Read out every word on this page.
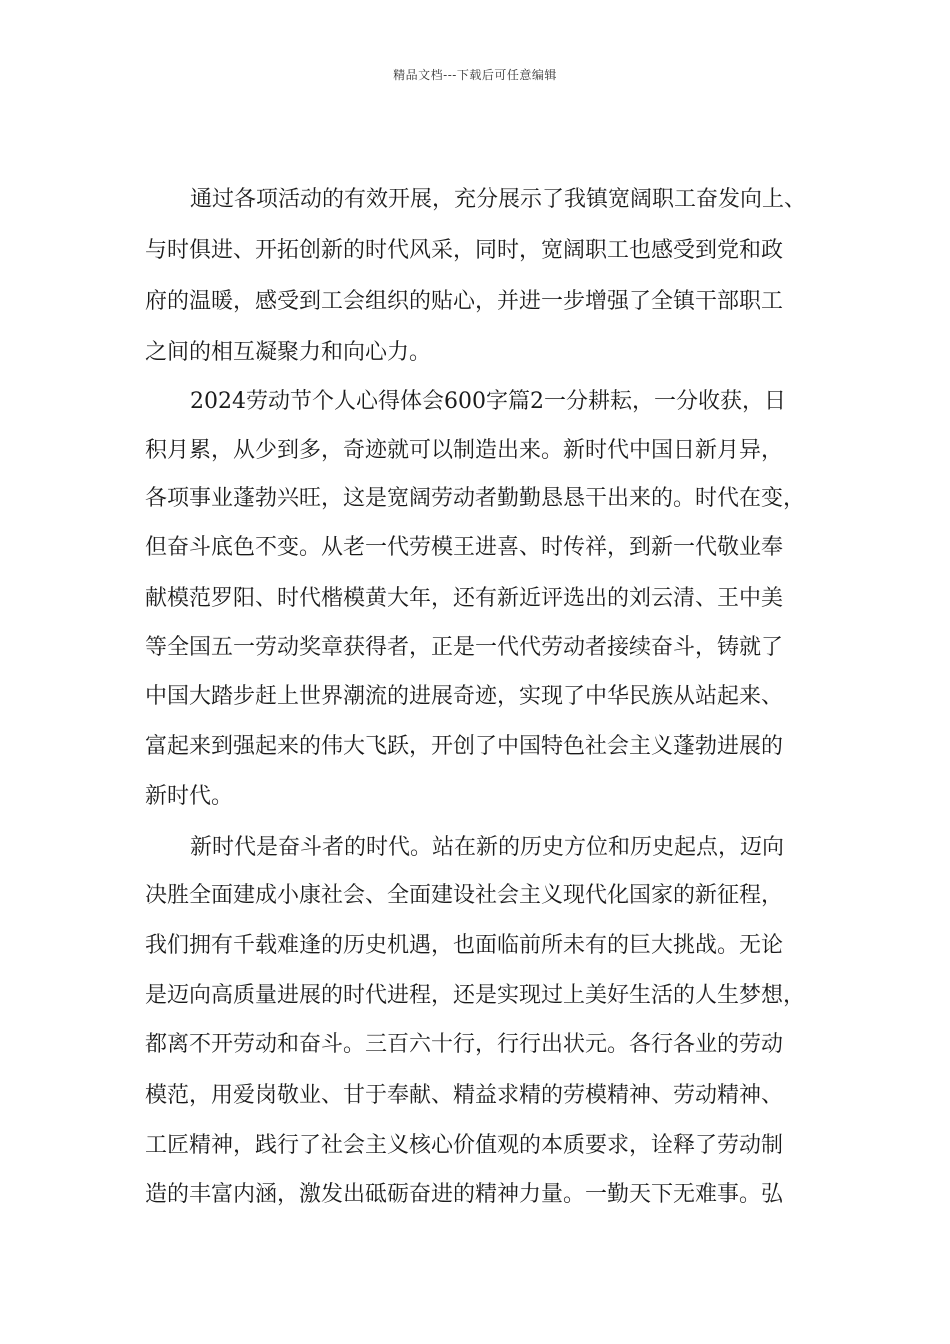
精品文档---下载后可任意编辑
通过各项活动的有效开展，充分展示了我镇宽阔职工奋发向上、
与时俱进、开拓创新的时代风采，同时，宽阔职工也感受到党和政
府的温暖，感受到工会组织的贴心，并进一步增强了全镇干部职工
之间的相互凝聚力和向心力。
2024劳动节个人心得体会600字篇2一分耕耘，一分收获，日
积月累，从少到多，奇迹就可以制造出来。新时代中国日新月异，
各项事业蓬勃兴旺，这是宽阔劳动者勤勤恳恳干出来的。时代在变，
但奋斗底色不变。从老一代劳模王进喜、时传祥，到新一代敬业奉
献模范罗阳、时代楷模黄大年，还有新近评选出的刘云清、王中美
等全国五一劳动奖章获得者，正是一代代劳动者接续奋斗，铸就了
中国大踏步赶上世界潮流的进展奇迹，实现了中华民族从站起来、
富起来到强起来的伟大飞跃，开创了中国特色社会主义蓬勃进展的
新时代。
新时代是奋斗者的时代。站在新的历史方位和历史起点，迈向
决胜全面建成小康社会、全面建设社会主义现代化国家的新征程，
我们拥有千载难逢的历史机遇，也面临前所未有的巨大挑战。无论
是迈向高质量进展的时代进程，还是实现过上美好生活的人生梦想，
都离不开劳动和奋斗。三百六十行，行行出状元。各行各业的劳动
模范，用爱岗敬业、甘于奉献、精益求精的劳模精神、劳动精神、
工匠精神，践行了社会主义核心价值观的本质要求，诠释了劳动制
造的丰富内涵，激发出砥砺奋进的精神力量。一勤天下无难事。弘
